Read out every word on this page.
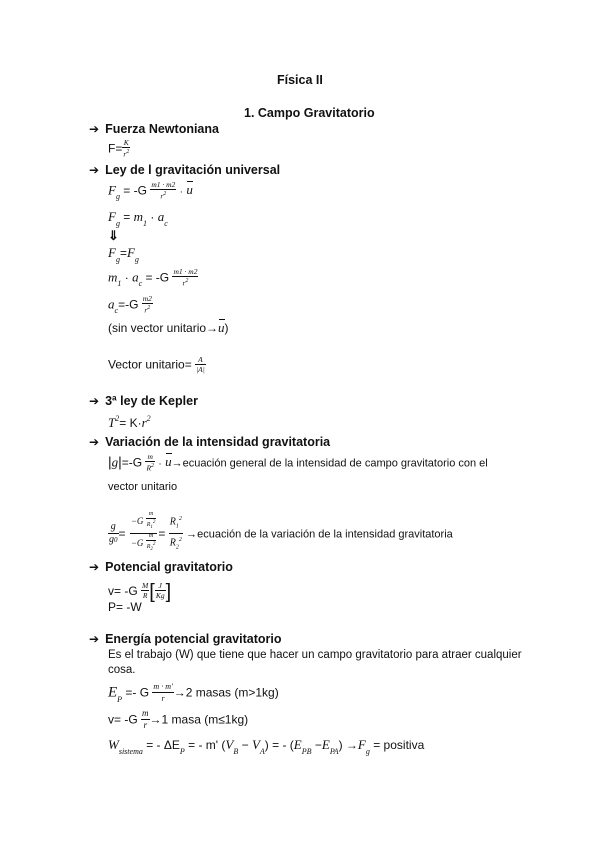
Física II
1. Campo Gravitatorio
➔ Fuerza Newtoniana
$F= \frac{K}{r^2}$
➔ Ley de l gravitación universal
$F_g = -G \frac{m1 \cdot m2}{r^2} \cdot u$
$F_g = m_1 \cdot a_c$
⇓
$F_g=F_g$
$m_1 \cdot a_c = -G \frac{m1 \cdot m2}{r^2}$
$a_c=-G \frac{m2}{r^2}$
(sin vector unitario→u)
Vector unitario= $\frac{A}{|A|}$
➔ 3ª ley de Kepler
$T^2= K\cdot r^2$
➔ Variación de la intensidad gravitatoria
$|g|=-G \frac{m}{R^2}$ · u→ecuación general de la intensidad de campo gravitatorio con el
vector unitario
$\frac{g}{g0} = \frac{-G \frac{m}{R_1^2}}{-G \frac{m}{R_2^2}} = \frac{R_1^2}{R_2^2}$ →ecuación de la variación de la intensidad gravitatoria
➔ Potencial gravitatorio
$v= -G \frac{M}{R}$ [ $\frac{J}{Kg}$ ]
P= -W
➔ Energía potencial gravitatorio
Es el trabajo (W) que tiene que hacer un campo gravitatorio para atraer cualquier
cosa.
$E_P =- G \frac{m \cdot m'}{r} \to 2$ masas (m>1kg)
$v= -G \frac{m}{r} \to 1$ masa (m≤1kg)
$W_{sistema}$ = - $\Delta E_P$ = - m' $(V_B - V_A)$ = - $(E_{PB} -E_{PA}) \to F_g$ = positiva
